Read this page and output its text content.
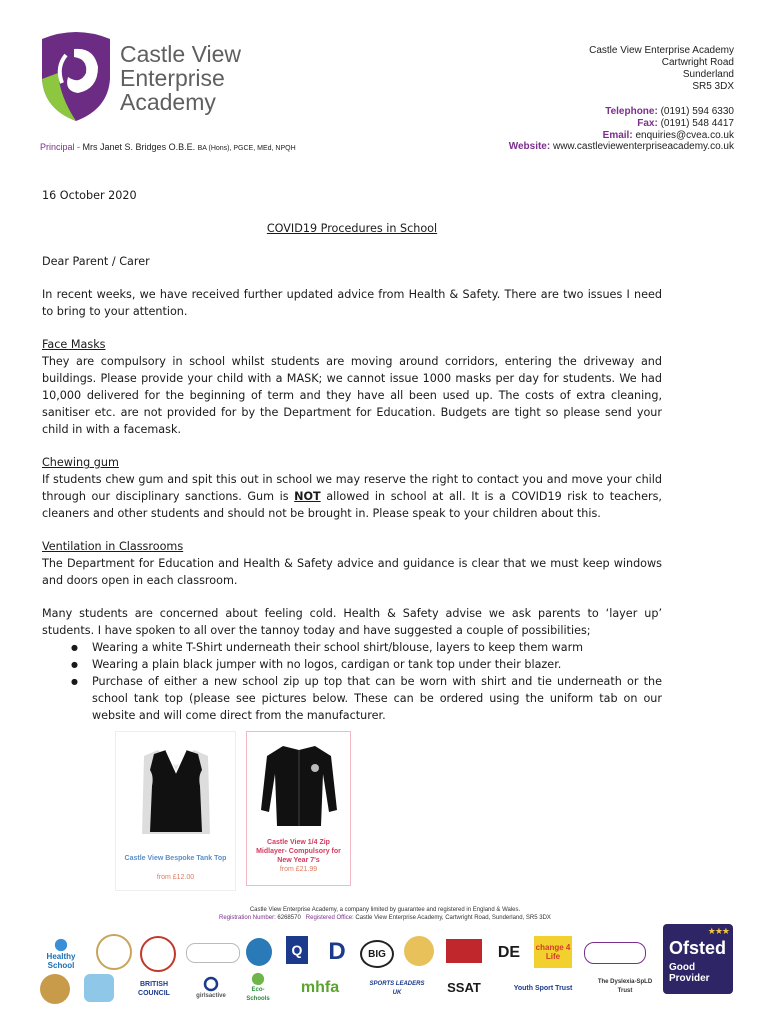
Castle View
Enterprise
Academy
Castle View Enterprise Academy
Cartwright Road
Sunderland
SR5 3DX
Telephone: (0191) 594 6330
Fax: (0191) 548 4417
Email: enquiries@cvea.co.uk
Principal - Mrs Janet S. Bridges O.B.E. BA (Hons), PGCE, MEd, NPQH	Website: www.castleviewenterpriseacademy.co.uk

16 October 2020

COVID19 Procedures in School

Dear Parent / Carer

In recent weeks, we have received further updated advice from Health & Safety. There are two issues I need to bring to your attention.

Face Masks

They are compulsory in school whilst students are moving around corridors, entering the driveway and buildings. Please provide your child with a MASK; we cannot issue 1000 masks per day for students. We had 10,000 delivered for the beginning of term and they have all been used up. The costs of extra cleaning, sanitiser etc. are not provided for by the Department for Education. Budgets are tight so please send your child in with a facemask.

Chewing gum

If students chew gum and spit this out in school we may reserve the right to contact you and move your child through our disciplinary sanctions. Gum is NOT allowed in school at all. It is a COVID19 risk to teachers, cleaners and other students and should not be brought in. Please speak to your children about this.

Ventilation in Classrooms

The Department for Education and Health & Safety advice and guidance is clear that we must keep windows and doors open in each classroom.

Many students are concerned about feeling cold. Health & Safety advise we ask parents to ‘layer up’ students. I have spoken to all over the tannoy today and have suggested a couple of possibilities;

● Wearing a white T-Shirt underneath their school shirt/blouse, layers to keep them warm
● Wearing a plain black jumper with no logos, cardigan or tank top under their blazer.
● Purchase of either a new school zip up top that can be worn with shirt and tie underneath or the school tank top (please see pictures below. These can be ordered using the uniform tab on our website and will come direct from the manufacturer.
Castle View Bespoke Tank Top
from £12.00
Castle View 1/4 Zip Midlayer- Compulsory for New Year 7's
from £21.99
Castle View Enterprise Academy, a company limited by guarantee and registered in England & Wales.
Registration Number: 6268570 Registered Office: Castle View Enterprise Academy, Cartwright Road, Sunderland, SR5 3DX
Healthy School
Q D	BIG	DE change 4 Life
BRITISH COUNCIL	girlsactive
Eco-Schools
mhfa	SPORTS LEADERS UK	SSAT	Youth Sport Trust
The Dyslexia-SpLD Trust
★★★
Ofsted
Good Provider
